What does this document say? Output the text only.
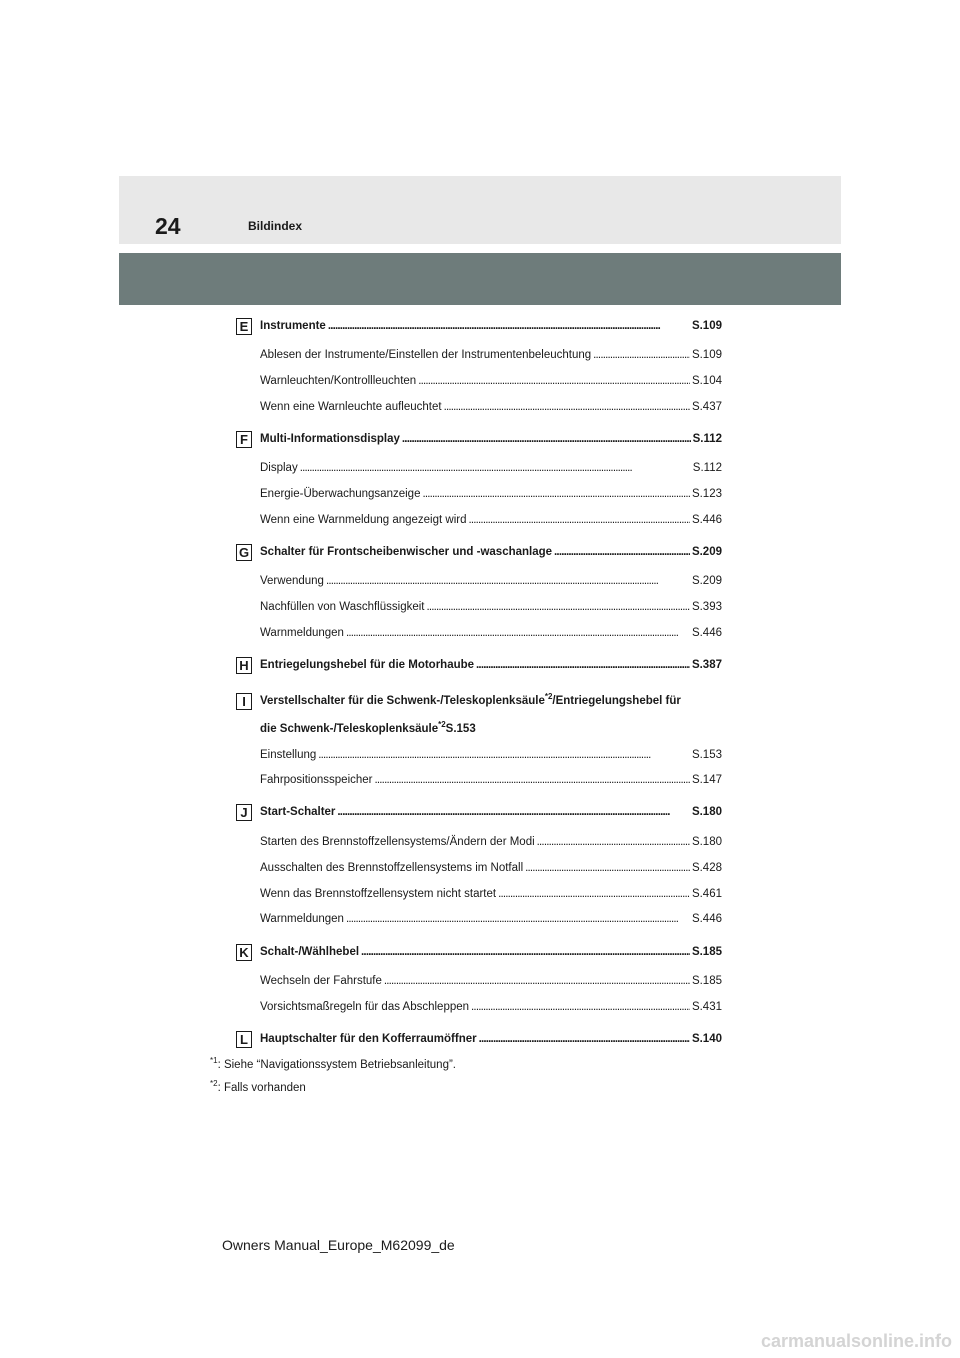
24	Bildindex
E	Instrumente . . .	S.109
Ablesen der Instrumente/Einstellen der Instrumentenbeleuchtung . . .	S.109
Warnleuchten/Kontrollleuchten . . .	S.104
Wenn eine Warnleuchte aufleuchtet . . .	S.437
F	Multi-Informationsdisplay . . .	S.112
Display . . .	S.112
Energie-Überwachungsanzeige . . .	S.123
Wenn eine Warnmeldung angezeigt wird . . .	S.446
G Schalter für Frontscheibenwischer und -waschanlage . . .	S.209
Verwendung . . .	S.209
Nachfüllen von Waschflüssigkeit . . .	S.393
Warnmeldungen . . .	S.446
H Entriegelungshebel für die Motorhaube . . .	S.387
I	Verstellschalter für die Schwenk-/Teleskoplenksäule$^{*2}$/Entriegelungshebel für
die Schwenk-/Teleskoplenksäule$^{*2}$S.153
Einstellung . . .	S.153
Fahrpositionsspeicher . . .	S.147
J	Start-Schalter . . .	S.180
Starten des Brennstoffzellensystems/Ändern der Modi . . .	S.180
Ausschalten des Brennstoffzellensystems im Notfall . . .	S.428
Wenn das Brennstoffzellensystem nicht startet . . .	S.461
Warnmeldungen . . .	S.446
K Schalt-/Wählhebel . . .	S.185
Wechseln der Fahrstufe . . .	S.185
Vorsichtsmaßregeln für das Abschleppen . . .	S.431
L	Hauptschalter für den Kofferraumöffner . . .	S.140
$^{*1}$: Siehe “Navigationssystem Betriebsanleitung”.
$^{*2}$: Falls vorhanden
Owners Manual_Europe_M62099_de
carmanualsonline.info
